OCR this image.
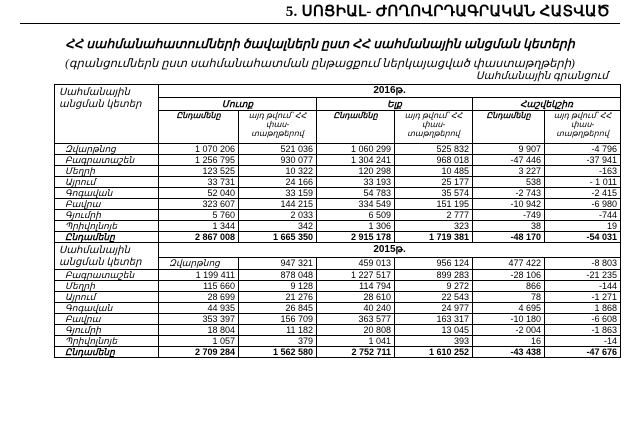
5. ՍՈՑԻԱԼ- ԺՈՂՈՎՐԴԱԳՐԱԿԱՆ ՀԱՏՎԱԾ
ՀՀ սահմանահատումների ծավալներն ըստ ՀՀ սահմանային անցման կետերի
(գրանցումներն ըստ սահմանահատման ընթացքում ներկայացված փաստաթղթերի)
Սահմանային գրանցում
Սահմանային անցման կետեր	2016թ.						
	Մուտք		Ելք		Հաշվեկշիռ		
	Ընդամենը	այդ թվում՝ ՀՀ փաս-տաթղթերով	Ընդամենը	այդ թվում՝ ՀՀ փաս-տաթղթերով	Ընդամենը	այդ թվում՝ ՀՀ փաս-տաթղթերով	
Զվարթնոց	1 070 206	521 036	1 060 299	525 832	9 907	-4 796	
Բագրատաշեն	1 256 795	930 077	1 304 241	968 018	-47 446	-37 941	
Մեղրի	123 525	10 322	120 298	10 485	3 227	-163	
Այրում	33 731	24 166	33 193	25 177	538	- 1 011	
Գոգավան	52 040	33 159	54 783	35 574	-2 743	-2 415	
Բավրա	323 607	144 215	334 549	151 195	-10 942	-6 980	
Գյումրի	5 760	2 033	6 509	2 777	-749	-744	
Պրիվոլնոյե	1 344	342	1 306	323	38	19	
Ընդամենը	2 867 008	1 665 350	2 915 178	1 719 381	-48 170	-54 031	
Սահմանային անցման կետեր	2015թ.						
	Զվարթնոց	947 321	459 013	956 124	477 422	-8 803	
Բագրատաշեն	1 199 411	878 048	1 227 517	899 283	-28 106	-21 235	
Մեղրի	115 660	9 128	114 794	9 272	866	-144	
Այրում	28 699	21 276	28 610	22 543	78	-1 271	
Գոգավան	44 935	26 845	40 240	24 977	4 695	1 868	
Բավրա	353 397	156 709	363 577	163 317	-10 180	-6 608	
Գյումրի	18 804	11 182	20 808	13 045	-2 004	-1 863	
Պրիվոլնոյե	1 057	379	1 041	393	16	-14	
Ընդամենը	2 709 284	1 562 580	2 752 711	1 610 252	-43 438	-47 676	
